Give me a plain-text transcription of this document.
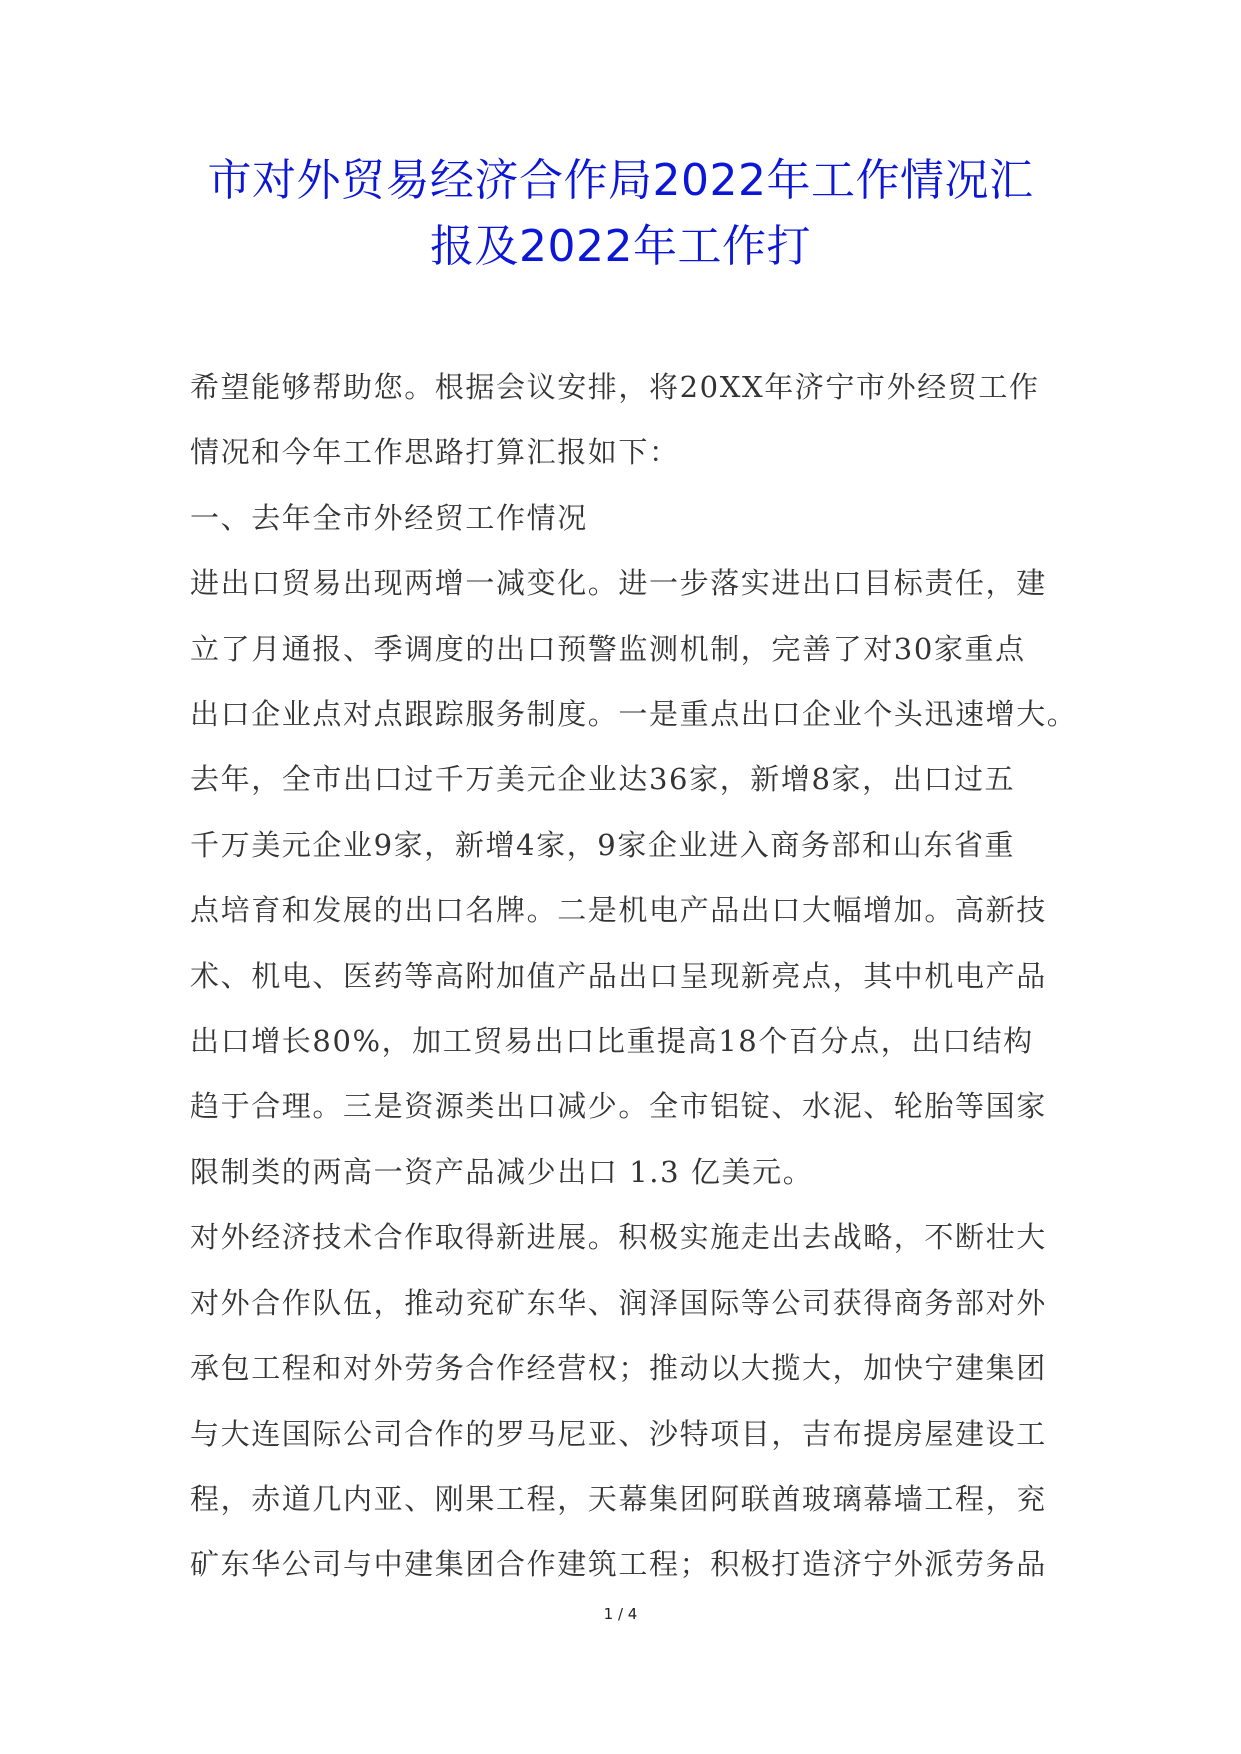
市对外贸易经济合作局2022年工作情况汇
报及2022年工作打
希望能够帮助您。根据会议安排，将20XX年济宁市外经贸工作
情况和今年工作思路打算汇报如下：
一、去年全市外经贸工作情况
进出口贸易出现两增一减变化。进一步落实进出口目标责任，建
立了月通报、季调度的出口预警监测机制，完善了对30家重点
出口企业点对点跟踪服务制度。一是重点出口企业个头迅速增大。
去年，全市出口过千万美元企业达36家，新增8家，出口过五
千万美元企业9家，新增4家，9家企业进入商务部和山东省重
点培育和发展的出口名牌。二是机电产品出口大幅增加。高新技
术、机电、医药等高附加值产品出口呈现新亮点，其中机电产品
出口增长80%，加工贸易出口比重提高18个百分点，出口结构
趋于合理。三是资源类出口减少。全市铝锭、水泥、轮胎等国家
限制类的两高一资产品减少出口 1.3 亿美元。
对外经济技术合作取得新进展。积极实施走出去战略，不断壮大
对外合作队伍，推动兖矿东华、润泽国际等公司获得商务部对外
承包工程和对外劳务合作经营权；推动以大揽大，加快宁建集团
与大连国际公司合作的罗马尼亚、沙特项目，吉布提房屋建设工
程，赤道几内亚、刚果工程，天幕集团阿联酋玻璃幕墙工程，兖
矿东华公司与中建集团合作建筑工程；积极打造济宁外派劳务品
1 / 4
